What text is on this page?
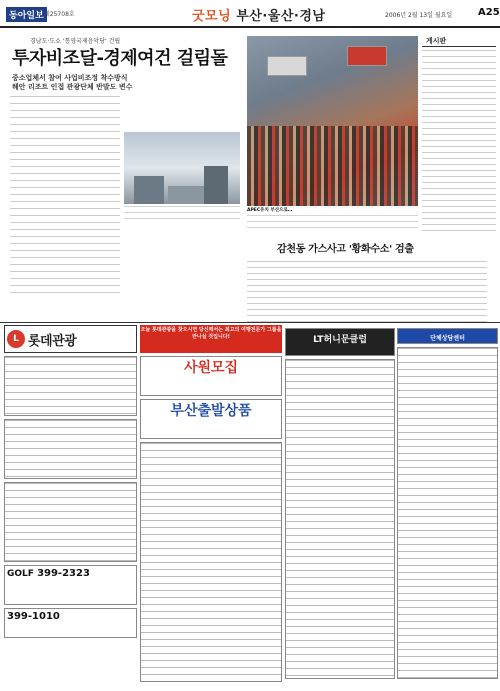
동아일보 제25708호	굿모닝 부산·울산·경남	2006년 2월 13일 월요일	A25
경남도·도쇼 '통영국제음악당' 건립
투자비조달-경제여건 걸림돌
중소업체서 참여 사업비조정 착수방식
해안 리조트 인접 관광단체 반발도 변수
APEC유치 부산으로…
감천동 가스사고 '황화수소' 검출
게시판
L 롯데관광
GOLF 399-2323
399-1010
오늘 롯데관광을 찾으시면 당신께서는 최고의 여행전문가 그룹을 만나실 것입니다!
사원모집
부산출발상품
LT허니문클럽	단체상담센터
